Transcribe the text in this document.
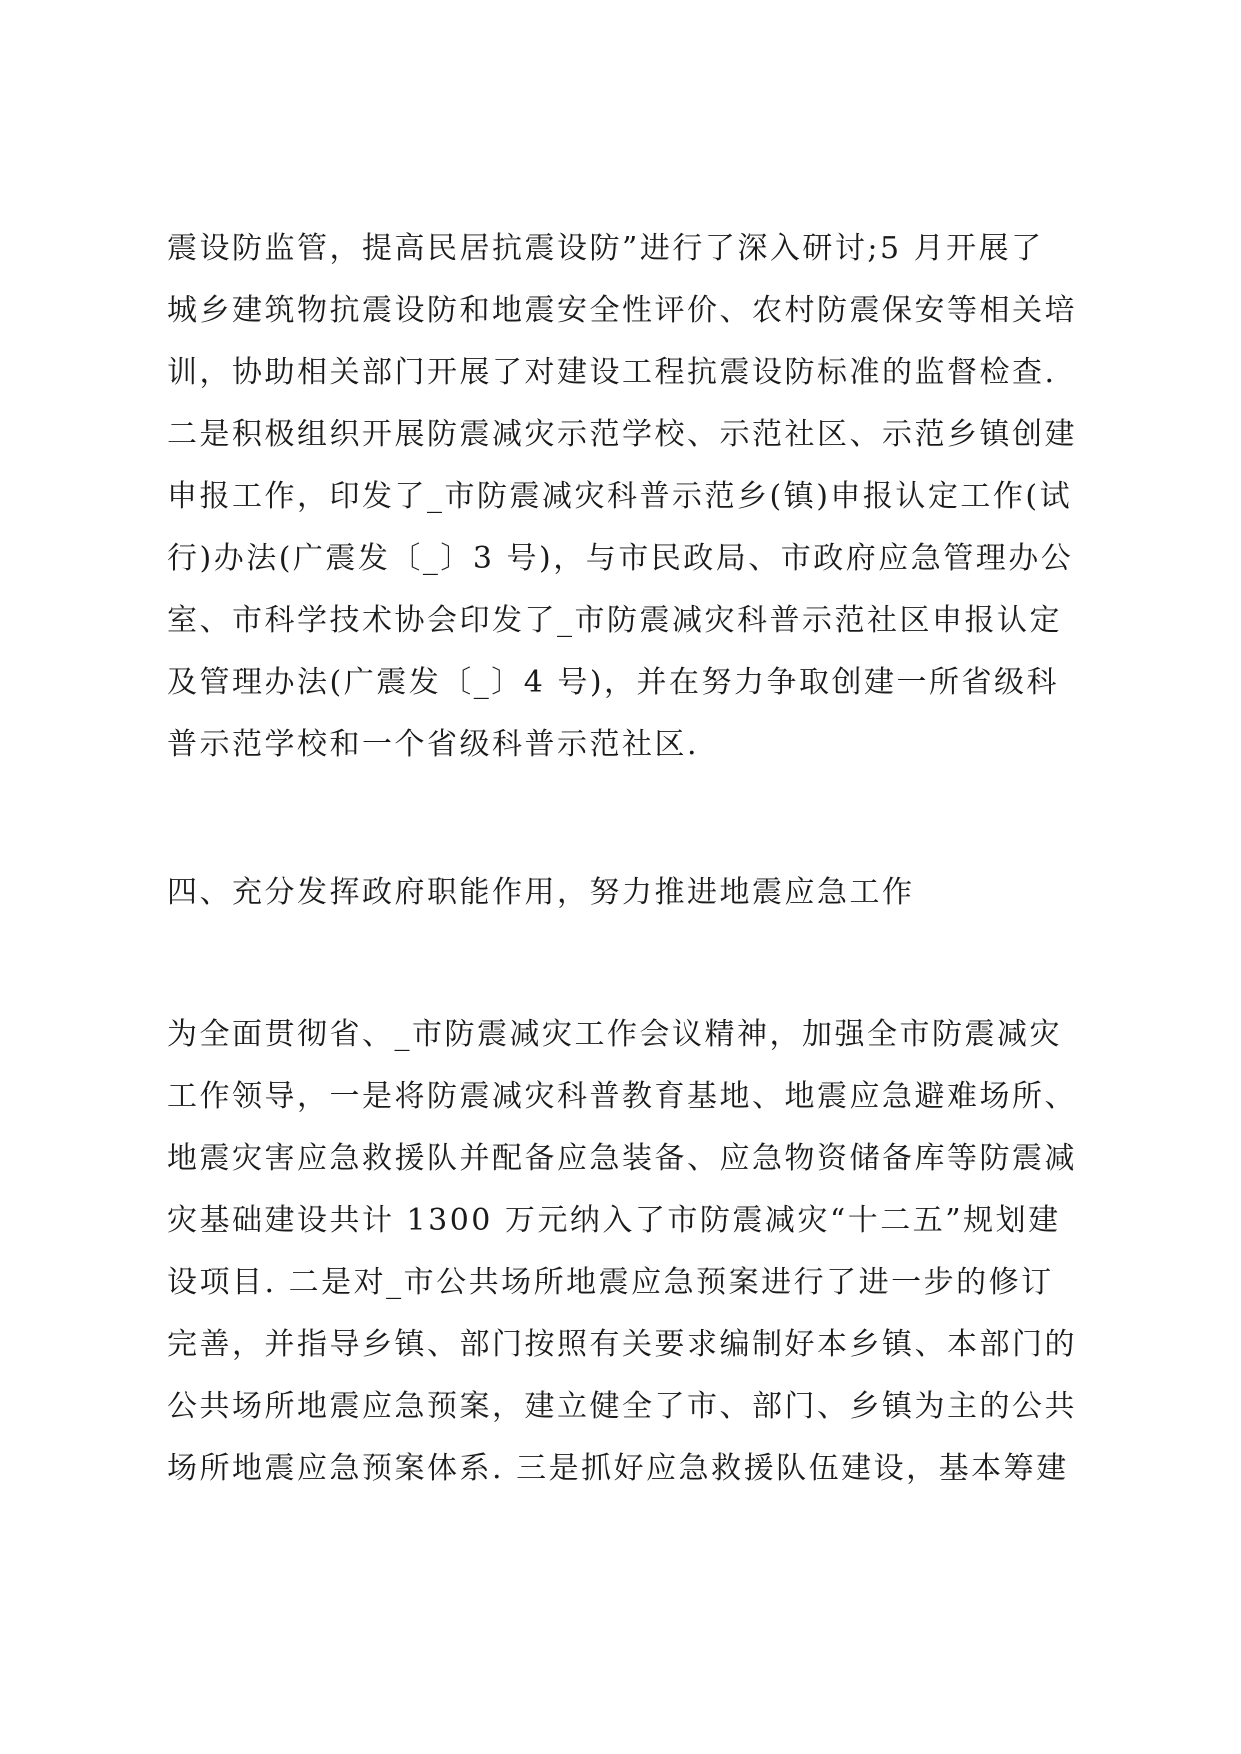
震设防监管，提高民居抗震设防”进行了深入研讨;5 月开展了
城乡建筑物抗震设防和地震安全性评价、农村防震保安等相关培
训，协助相关部门开展了对建设工程抗震设防标准的监督检查.
二是积极组织开展防震减灾示范学校、示范社区、示范乡镇创建
申报工作，印发了_市防震减灾科普示范乡(镇)申报认定工作(试
行)办法(广震发〔_〕3 号)，与市民政局、市政府应急管理办公
室、市科学技术协会印发了_市防震减灾科普示范社区申报认定
及管理办法(广震发〔_〕4 号)，并在努力争取创建一所省级科
普示范学校和一个省级科普示范社区.
四、充分发挥政府职能作用，努力推进地震应急工作
为全面贯彻省、_市防震减灾工作会议精神，加强全市防震减灾
工作领导，一是将防震减灾科普教育基地、地震应急避难场所、
地震灾害应急救援队并配备应急装备、应急物资储备库等防震减
灾基础建设共计 1300 万元纳入了市防震减灾“十二五”规划建
设项目. 二是对_市公共场所地震应急预案进行了进一步的修订
完善，并指导乡镇、部门按照有关要求编制好本乡镇、本部门的
公共场所地震应急预案，建立健全了市、部门、乡镇为主的公共
场所地震应急预案体系. 三是抓好应急救援队伍建设，基本筹建
